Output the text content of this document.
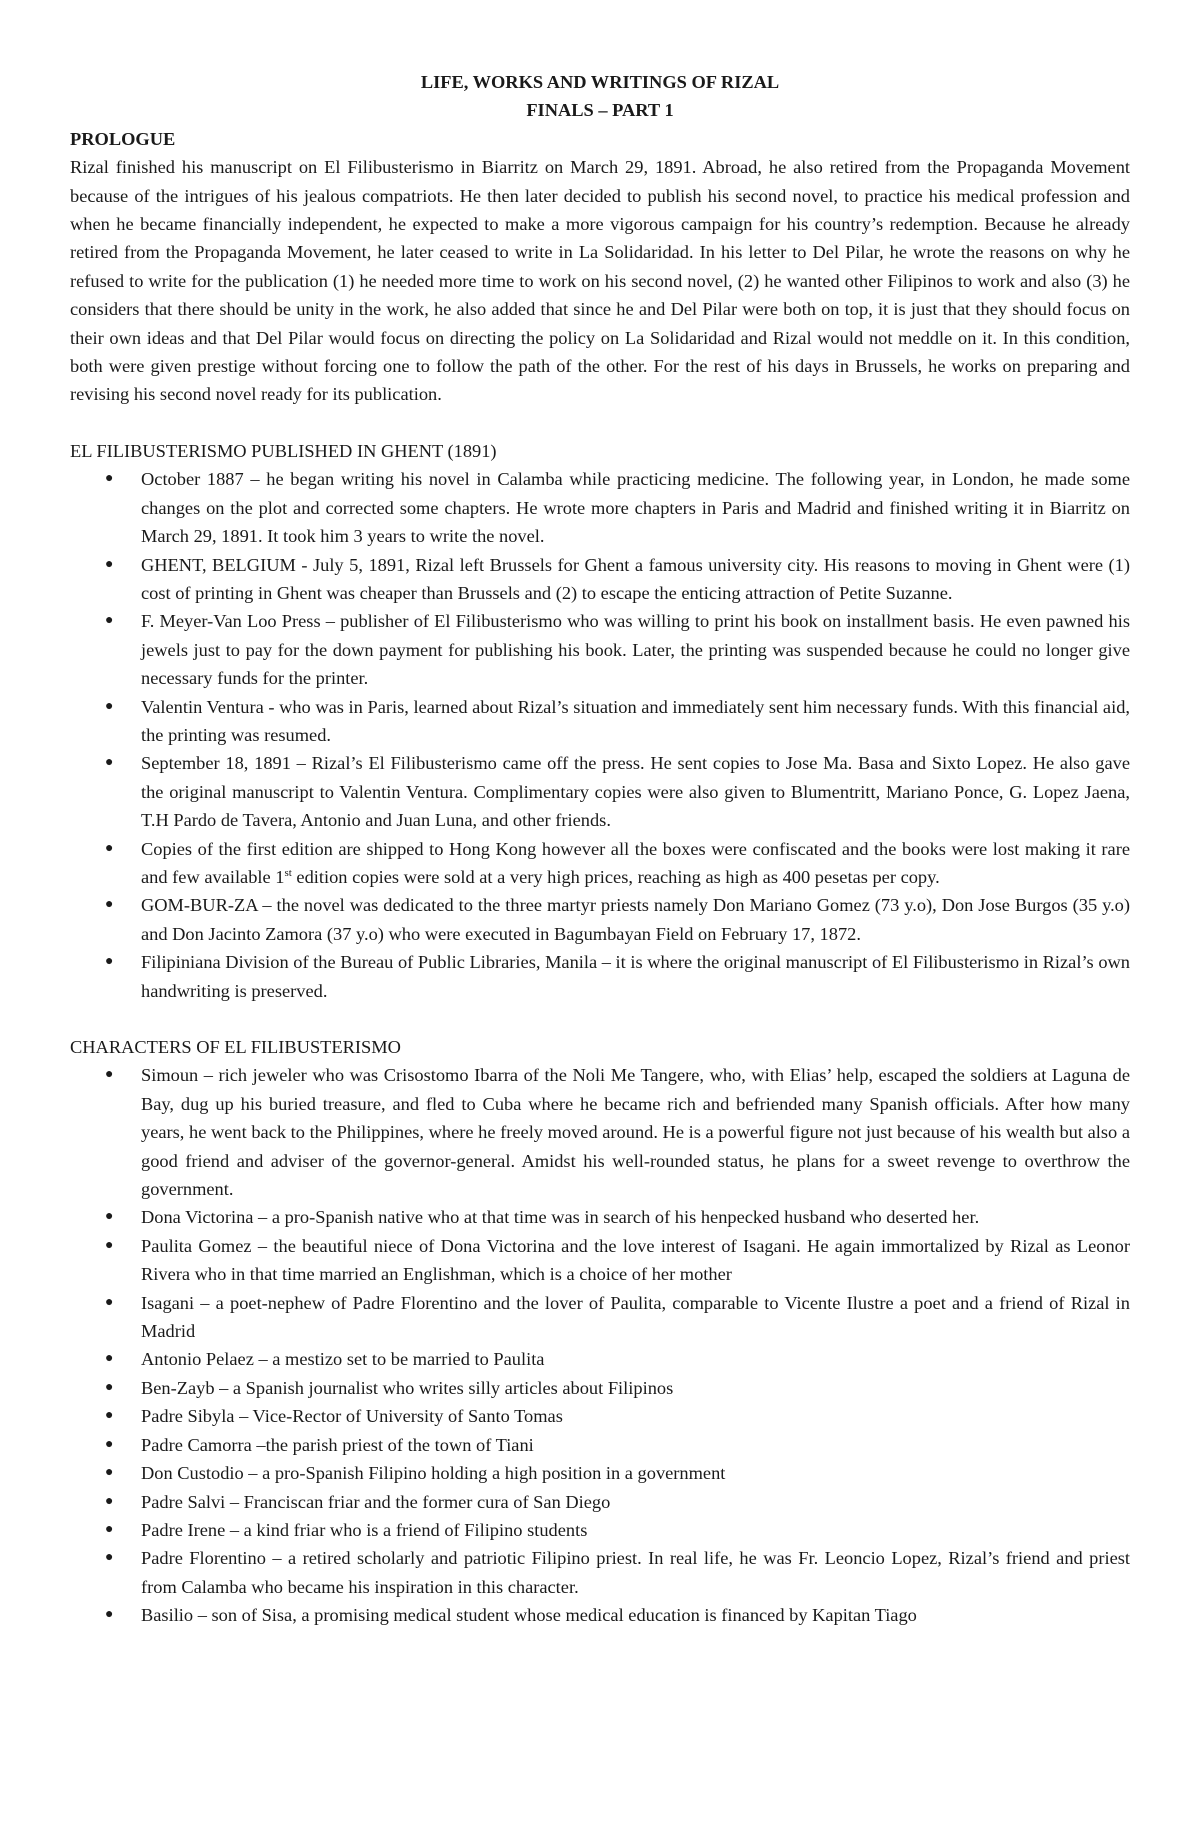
LIFE, WORKS AND WRITINGS OF RIZAL

FINALS – PART 1

PROLOGUE

Rizal finished his manuscript on El Filibusterismo in Biarritz on March 29, 1891. Abroad, he also retired from the Propaganda Movement because of the intrigues of his jealous compatriots. He then later decided to publish his second novel, to practice his medical profession and when he became financially independent, he expected to make a more vigorous campaign for his country’s redemption. Because he already retired from the Propaganda Movement, he later ceased to write in La Solidaridad. In his letter to Del Pilar, he wrote the reasons on why he refused to write for the publication (1) he needed more time to work on his second novel, (2) he wanted other Filipinos to work and also (3) he considers that there should be unity in the work, he also added that since he and Del Pilar were both on top, it is just that they should focus on their own ideas and that Del Pilar would focus on directing the policy on La Solidaridad and Rizal would not meddle on it. In this condition, both were given prestige without forcing one to follow the path of the other. For the rest of his days in Brussels, he works on preparing and revising his second novel ready for its publication.

EL FILIBUSTERISMO PUBLISHED IN GHENT (1891)

● October 1887 – he began writing his novel in Calamba while practicing medicine. The following year, in London, he made some changes on the plot and corrected some chapters. He wrote more chapters in Paris and Madrid and finished writing it in Biarritz on March 29, 1891. It took him 3 years to write the novel.
● GHENT, BELGIUM - July 5, 1891, Rizal left Brussels for Ghent a famous university city. His reasons to moving in Ghent were (1) cost of printing in Ghent was cheaper than Brussels and (2) to escape the enticing attraction of Petite Suzanne.
● F. Meyer-Van Loo Press – publisher of El Filibusterismo who was willing to print his book on installment basis. He even pawned his jewels just to pay for the down payment for publishing his book. Later, the printing was suspended because he could no longer give necessary funds for the printer.
● Valentin Ventura - who was in Paris, learned about Rizal’s situation and immediately sent him necessary funds. With this financial aid, the printing was resumed.
● September 18, 1891 – Rizal’s El Filibusterismo came off the press. He sent copies to Jose Ma. Basa and Sixto Lopez. He also gave the original manuscript to Valentin Ventura. Complimentary copies were also given to Blumentritt, Mariano Ponce, G. Lopez Jaena, T.H Pardo de Tavera, Antonio and Juan Luna, and other friends.
● Copies of the first edition are shipped to Hong Kong however all the boxes were confiscated and the books were lost making it rare and few available 1st edition copies were sold at a very high prices, reaching as high as 400 pesetas per copy.
● GOM-BUR-ZA – the novel was dedicated to the three martyr priests namely Don Mariano Gomez (73 y.o), Don Jose Burgos (35 y.o) and Don Jacinto Zamora (37 y.o) who were executed in Bagumbayan Field on February 17, 1872.
● Filipiniana Division of the Bureau of Public Libraries, Manila – it is where the original manuscript of El Filibusterismo in Rizal’s own handwriting is preserved.

CHARACTERS OF EL FILIBUSTERISMO

● Simoun – rich jeweler who was Crisostomo Ibarra of the Noli Me Tangere, who, with Elias’ help, escaped the soldiers at Laguna de Bay, dug up his buried treasure, and fled to Cuba where he became rich and befriended many Spanish officials. After how many years, he went back to the Philippines, where he freely moved around. He is a powerful figure not just because of his wealth but also a good friend and adviser of the governor-general. Amidst his well-rounded status, he plans for a sweet revenge to overthrow the government.
● Dona Victorina – a pro-Spanish native who at that time was in search of his henpecked husband who deserted her.
● Paulita Gomez – the beautiful niece of Dona Victorina and the love interest of Isagani. He again immortalized by Rizal as Leonor Rivera who in that time married an Englishman, which is a choice of her mother
● Isagani – a poet-nephew of Padre Florentino and the lover of Paulita, comparable to Vicente Ilustre a poet and a friend of Rizal in Madrid
● Antonio Pelaez – a mestizo set to be married to Paulita
● Ben-Zayb – a Spanish journalist who writes silly articles about Filipinos
● Padre Sibyla – Vice-Rector of University of Santo Tomas
● Padre Camorra –the parish priest of the town of Tiani
● Don Custodio – a pro-Spanish Filipino holding a high position in a government
● Padre Salvi – Franciscan friar and the former cura of San Diego
● Padre Irene – a kind friar who is a friend of Filipino students
● Padre Florentino – a retired scholarly and patriotic Filipino priest. In real life, he was Fr. Leoncio Lopez, Rizal’s friend and priest from Calamba who became his inspiration in this character.
● Basilio – son of Sisa, a promising medical student whose medical education is financed by Kapitan Tiago
